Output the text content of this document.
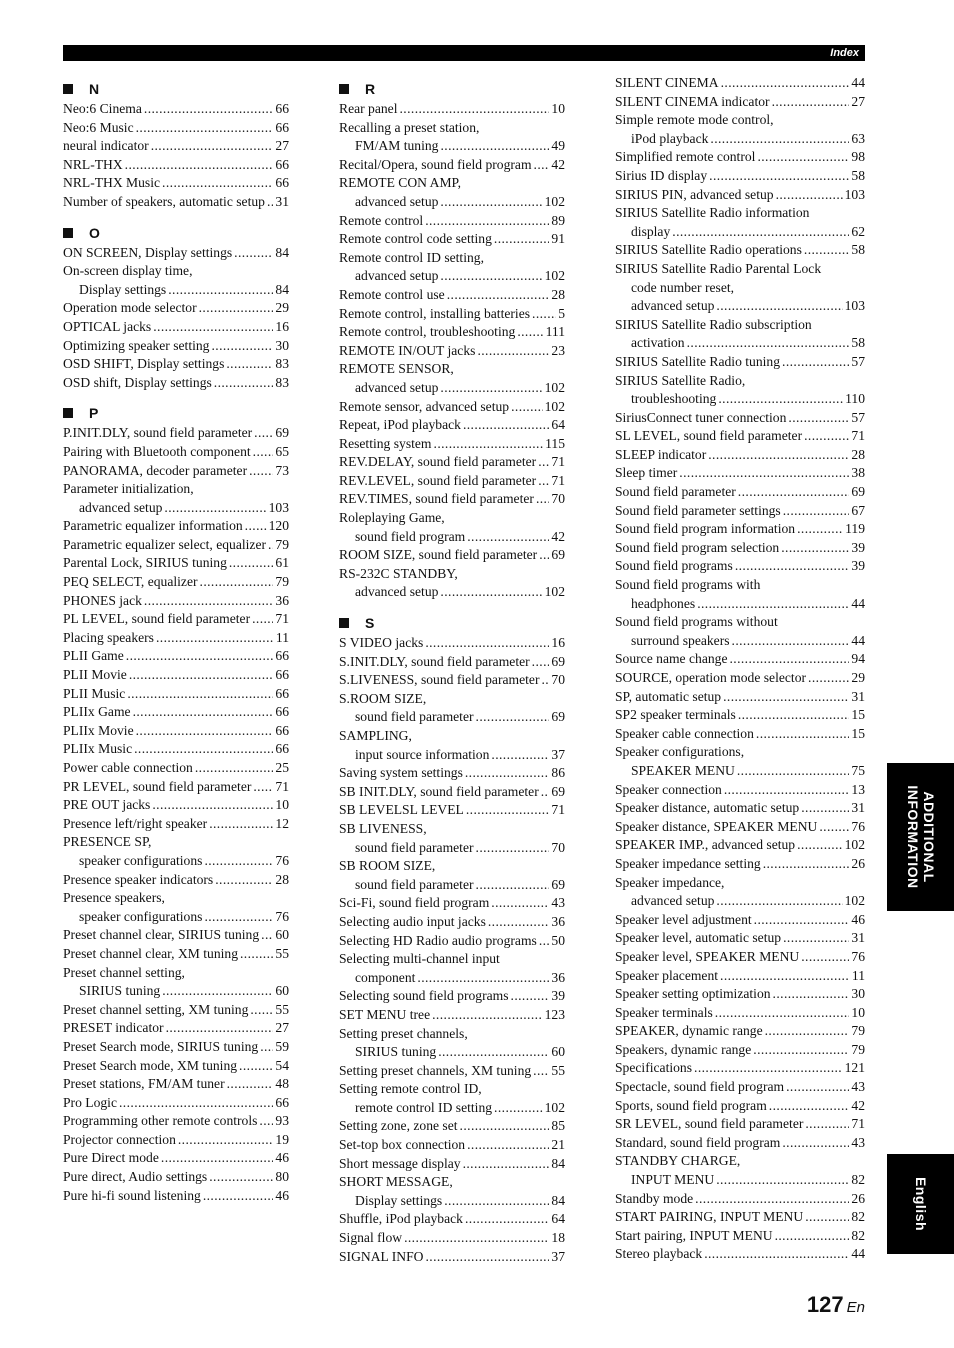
Index
N
Neo:6 Cinema . . .	66
Neo:6 Music . . .	66
neural indicator . . .	27
NRL-THX . . .	66
NRL-THX Music . . .	66
Number of speakers, automatic setup . . . 31
O
ON SCREEN, Display settings . . .	84
On-screen display time,
Display settings . . .	84
Operation mode selector . . .	29
OPTICAL jacks . . .	16
Optimizing speaker setting . . .	30
OSD SHIFT, Display settings . . .	83
OSD shift, Display settings . . .	83
P
P.INIT.DLY, sound field parameter . . . 69
Pairing with Bluetooth component . . . 65
PANORAMA, decoder parameter . . . 73
Parameter initialization,
advanced setup . . .	103
Parametric equalizer information . . . 120
Parametric equalizer select, equalizer . . . 79
Parental Lock, SIRIUS tuning . . .	61
PEQ SELECT, equalizer . . .	79
PHONES jack . . .	36
PL LEVEL, sound field parameter . . . 71
Placing speakers . . .	11
PLII Game . . .	66
PLII Movie . . .	66
PLII Music . . .	66
PLIIx Game . . .	66
PLIIx Movie . . .	66
PLIIx Music . . .	66
Power cable connection . . .	25
PR LEVEL, sound field parameter . . . 71
PRE OUT jacks . . .	10
Presence left/right speaker . . .	12
PRESENCE SP,
speaker configurations . . .	76
Presence speaker indicators . . .	28
Presence speakers,
speaker configurations . . .	76
Preset channel clear, SIRIUS tuning . . . 60
Preset channel clear, XM tuning . . .	55
Preset channel setting,
SIRIUS tuning . . .	60
Preset channel setting, XM tuning . . . 55
PRESET indicator . . .	27
Preset Search mode, SIRIUS tuning . . . 59
Preset Search mode, XM tuning . . .	54
Preset stations, FM/AM tuner . . .	48
Pro Logic . . .	66
Programming other remote controls . . . 93
Projector connection . . .	19
Pure Direct mode . . .	46
Pure direct, Audio settings . . .	80
Pure hi-fi sound listening . . .	46
R
Rear panel . . .	10
Recalling a preset station,
FM/AM tuning . . .	49
Recital/Opera, sound field program . . . 42
REMOTE CON AMP,
advanced setup . . .	102
Remote control . . .	89
Remote control code setting . . .	91
Remote control ID setting,
advanced setup . . .	102
Remote control use . . .	28
Remote control, installing batteries . . . 5
Remote control, troubleshooting . . . 111
REMOTE IN/OUT jacks . . .	23
REMOTE SENSOR,
advanced setup . . .	102
Remote sensor, advanced setup . . .	102
Repeat, iPod playback . . .	64
Resetting system . . .	115
REV.DELAY, sound field parameter . . . 71
REV.LEVEL, sound field parameter . . . 71
REV.TIMES, sound field parameter . . . 70
Roleplaying Game,
sound field program . . .	42
ROOM SIZE, sound field parameter . . . 69
RS-232C STANDBY,
advanced setup . . .	102
S
S VIDEO jacks . . .	16
S.INIT.DLY, sound field parameter . . . 69
S.LIVENESS, sound field parameter . . . 70
S.ROOM SIZE,
sound field parameter . . .	69
SAMPLING,
input source information . . .	37
Saving system settings . . .	86
SB INIT.DLY, sound field parameter . . . 69
SB LEVELSL LEVEL . . .	71
SB LIVENESS,
sound field parameter . . .	70
SB ROOM SIZE,
sound field parameter . . .	69
Sci-Fi, sound field program . . .	43
Selecting audio input jacks . . .	36
Selecting HD Radio audio programs . . . 50
Selecting multi-channel input
component . . .	36
Selecting sound field programs . . .	39
SET MENU tree . . .	123
Setting preset channels,
SIRIUS tuning . . .	60
Setting preset channels, XM tuning . . . 55
Setting remote control ID,
remote control ID setting . . .	102
Setting zone, zone set . . .	85
Set-top box connection . . .	21
Short message display . . .	84
SHORT MESSAGE,
Display settings . . .	84
Shuffle, iPod playback . . .	64
Signal flow . . .	18
SIGNAL INFO . . .	37
SILENT CINEMA . . .	44
SILENT CINEMA indicator . . .	27
Simple remote mode control,
iPod playback . . .	63
Simplified remote control . . .	98
Sirius ID display . . .	58
SIRIUS PIN, advanced setup . . .	103
SIRIUS Satellite Radio information
display . . .	62
SIRIUS Satellite Radio operations . . .	58
SIRIUS Satellite Radio Parental Lock
code number reset,
advanced setup . . .	103
SIRIUS Satellite Radio subscription
activation . . .	58
SIRIUS Satellite Radio tuning . . .	57
SIRIUS Satellite Radio,
troubleshooting . . .	110
SiriusConnect tuner connection . . .	57
SL LEVEL, sound field parameter . . .	71
SLEEP indicator . . .	28
Sleep timer . . .	38
Sound field parameter . . .	69
Sound field parameter settings . . .	67
Sound field program information . . .	119
Sound field program selection . . .	39
Sound field programs . . .	39
Sound field programs with
headphones . . .	44
Sound field programs without
surround speakers . . .	44
Source name change . . .	94
SOURCE, operation mode selector . . .	29
SP, automatic setup . . .	31
SP2 speaker terminals . . .	15
Speaker cable connection . . .	15
Speaker configurations,
SPEAKER MENU . . .	75
Speaker connection . . .	13
Speaker distance, automatic setup . . .	31
Speaker distance, SPEAKER MENU . . .	76
SPEAKER IMP., advanced setup . . .	102
Speaker impedance setting . . .	26
Speaker impedance,
advanced setup . . .	102
Speaker level adjustment . . .	46
Speaker level, automatic setup . . .	31
Speaker level, SPEAKER MENU . . .	76
Speaker placement . . .	11
Speaker setting optimization . . .	30
Speaker terminals . . .	10
SPEAKER, dynamic range . . .	79
Speakers, dynamic range . . .	79
Specifications . . .	121
Spectacle, sound field program . . .	43
Sports, sound field program . . .	42
SR LEVEL, sound field parameter . . .	71
Standard, sound field program . . .	43
STANDBY CHARGE,
INPUT MENU . . .	82
Standby mode . . .	26
START PAIRING, INPUT MENU . . .	82
Start pairing, INPUT MENU . . .	82
Stereo playback . . .	44
ADDITIONAL
INFORMATION
English
127 En
